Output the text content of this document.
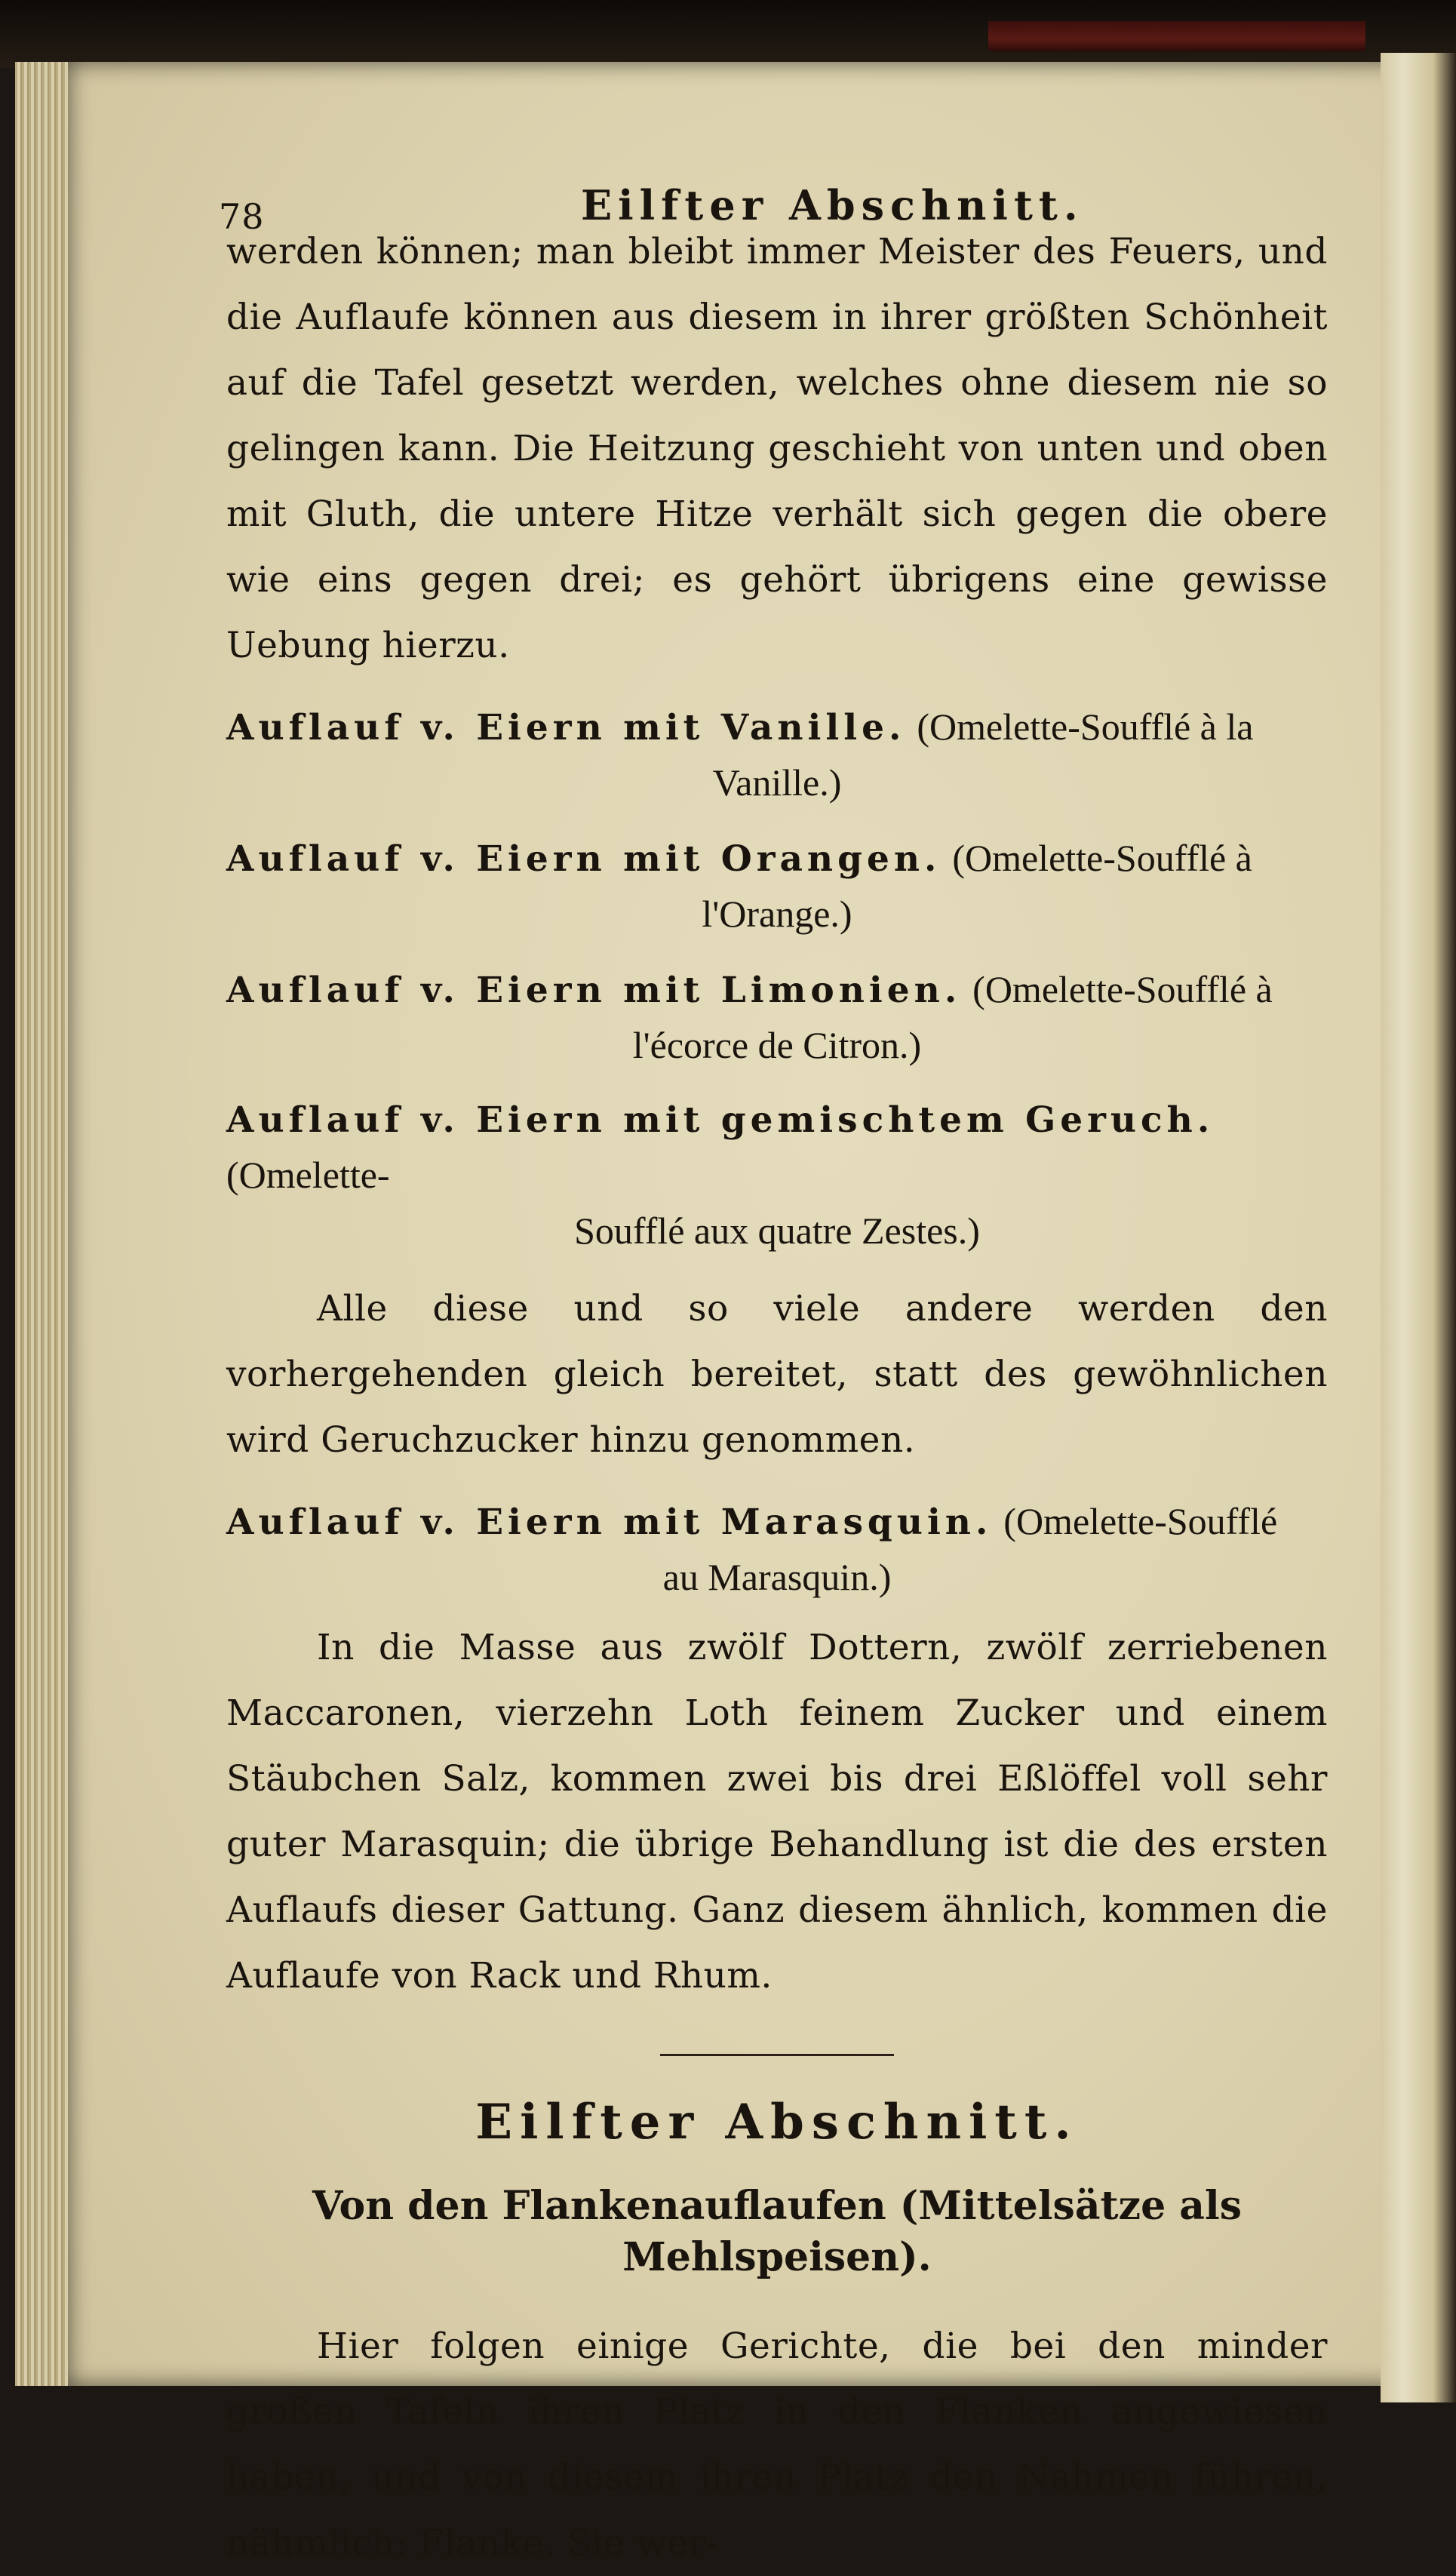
78	Eilfter Abschnitt.

werden können; man bleibt immer Meister des Feuers, und die Auflaufe können aus diesem in ihrer größten Schönheit auf die Tafel gesetzt werden, welches ohne diesem nie so gelingen kann. Die Heitzung geschieht von unten und oben mit Gluth, die untere Hitze verhält sich gegen die obere wie eins gegen drei; es gehört übrigens eine gewisse Uebung hierzu.

Auflauf v. Eiern mit Vanille. (Omelette-Soufflé à la
Vanille.)
Auflauf v. Eiern mit Orangen. (Omelette-Soufflé à
l'Orange.)
Auflauf v. Eiern mit Limonien. (Omelette-Soufflé à
l'écorce de Citron.)
Auflauf v. Eiern mit gemischtem Geruch. (Omelette-
Soufflé aux quatre Zestes.)

Alle diese und so viele andere werden den vorhergehenden gleich bereitet, statt des gewöhnlichen wird Geruchzucker hinzu genommen.

Auflauf v. Eiern mit Marasquin. (Omelette-Soufflé
au Marasquin.)

In die Masse aus zwölf Dottern, zwölf zerriebenen Maccaronen, vierzehn Loth feinem Zucker und einem Stäubchen Salz, kommen zwei bis drei Eßlöffel voll sehr guter Marasquin; die übrige Behandlung ist die des ersten Auflaufs dieser Gattung. Ganz diesem ähnlich, kommen die Auflaufe von Rack und Rhum.

Eilfter Abschnitt.
Von den Flankenauflaufen (Mittelsätze als Mehlspeisen).

Hier folgen einige Gerichte, die bei den minder großen Tafeln ihren Platz in den Flanken angewiesen haben, und von diesem ihren Platz den Nahmen führen, nähmlich: Flanke. Sie wer-
